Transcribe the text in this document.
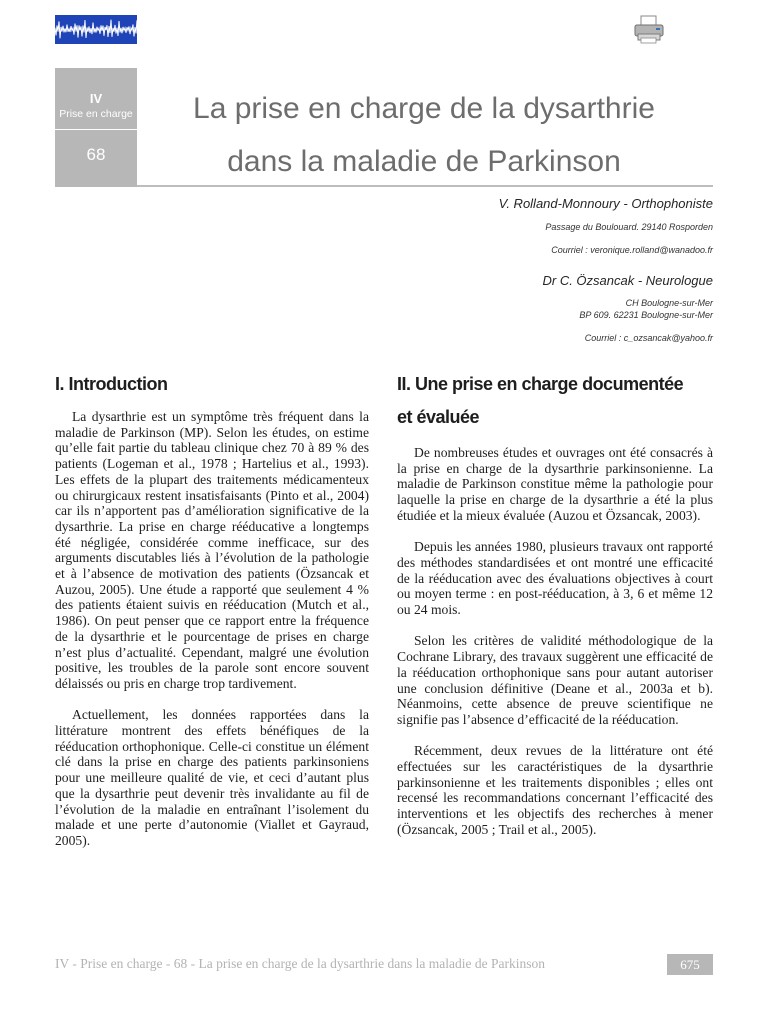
IV
Prise en charge
68
La prise en charge de la dysarthrie
dans la maladie de Parkinson
V. Rolland-Monnoury - Orthophoniste
Passage du Boulouard. 29140 Rosporden
Courriel : veronique.rolland@wanadoo.fr
Dr C. Özsancak - Neurologue
CH Boulogne-sur-Mer
BP 609. 62231 Boulogne-sur-Mer
Courriel : c_ozsancak@yahoo.fr
I. Introduction	II. Une prise en charge documentée
et évaluée

La dysarthrie est un symptôme très fréquent dans la maladie de Parkinson (MP). Selon les études, on estime qu’elle fait partie du tableau clinique chez 70 à 89 % des patients (Logeman et al., 1978 ; Hartelius et al., 1993). Les effets de la plupart des traitements médicamenteux ou chirurgicaux restent insatisfaisants (Pinto et al., 2004) car ils n’apportent pas d’amélioration significative de la dysarthrie. La prise en charge rééducative a longtemps été négligée, considérée comme inefficace, sur des arguments discutables liés à l’évolution de la pathologie et à l’absence de motivation des patients (Özsancak et Auzou, 2005). Une étude a rapporté que seulement 4 % des patients étaient suivis en rééducation (Mutch et al., 1986). On peut penser que ce rapport entre la fréquence de la dysarthrie et le pourcentage de prises en charge n’est plus d’actualité. Cependant, malgré une évolution positive, les troubles de la parole sont encore souvent délaissés ou pris en charge trop tardivement.

Actuellement, les données rapportées dans la littérature montrent des effets bénéfiques de la rééducation orthophonique. Celle-ci constitue un élément clé dans la prise en charge des patients parkinsoniens pour une meilleure qualité de vie, et ceci d’autant plus que la dysarthrie peut devenir très invalidante au fil de l’évolution de la maladie en entraînant l’isolement du malade et une perte d’autonomie (Viallet et Gayraud, 2005).

De nombreuses études et ouvrages ont été consacrés à la prise en charge de la dysarthrie parkinsonienne. La maladie de Parkinson constitue même la pathologie pour laquelle la prise en charge de la dysarthrie a été la plus étudiée et la mieux évaluée (Auzou et Özsancak, 2003).

Depuis les années 1980, plusieurs travaux ont rapporté des méthodes standardisées et ont montré une efficacité de la rééducation avec des évaluations objectives à court ou moyen terme : en post-rééducation, à 3, 6 et même 12 ou 24 mois.

Selon les critères de validité méthodologique de la Cochrane Library, des travaux suggèrent une efficacité de la rééducation orthophonique sans pour autant autoriser une conclusion définitive (Deane et al., 2003a et b). Néanmoins, cette absence de preuve scientifique ne signifie pas l’absence d’efficacité de la rééducation.

Récemment, deux revues de la littérature ont été effectuées sur les caractéristiques de la dysarthrie parkinsonienne et les traitements disponibles ; elles ont recensé les recommandations concernant l’efficacité des interventions et les objectifs des recherches à mener (Özsancak, 2005 ; Trail et al., 2005).

IV - Prise en charge - 68 - La prise en charge de la dysarthrie dans la maladie de Parkinson	675
